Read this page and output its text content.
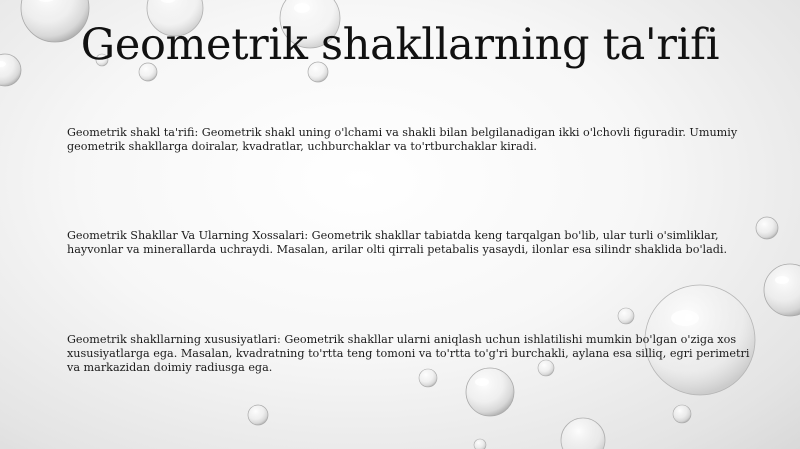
Geometrik shakllarning ta'rifi

Geometrik shakl ta'rifi: Geometrik shakl uning o'lchami va shakli bilan belgilanadigan ikki o'lchovli figuradir. Umumiy geometrik shakllarga doiralar, kvadratlar, uchburchaklar va to'rtburchaklar kiradi.

Geometrik Shakllar Va Ularning Xossalari: Geometrik shakllar tabiatda keng tarqalgan bo'lib, ular turli o'simliklar, hayvonlar va minerallarda uchraydi. Masalan, arilar olti qirrali petabalis yasaydi, ilonlar esa silindr shaklida bo'ladi.

Geometrik shakllarning xususiyatlari: Geometrik shakllar ularni aniqlash uchun ishlatilishi mumkin bo'lgan o'ziga xos xususiyatlarga ega. Masalan, kvadratning to'rtta teng tomoni va to'rtta to'g'ri burchakli, aylana esa silliq, egri perimetri va markazidan doimiy radiusga ega.
